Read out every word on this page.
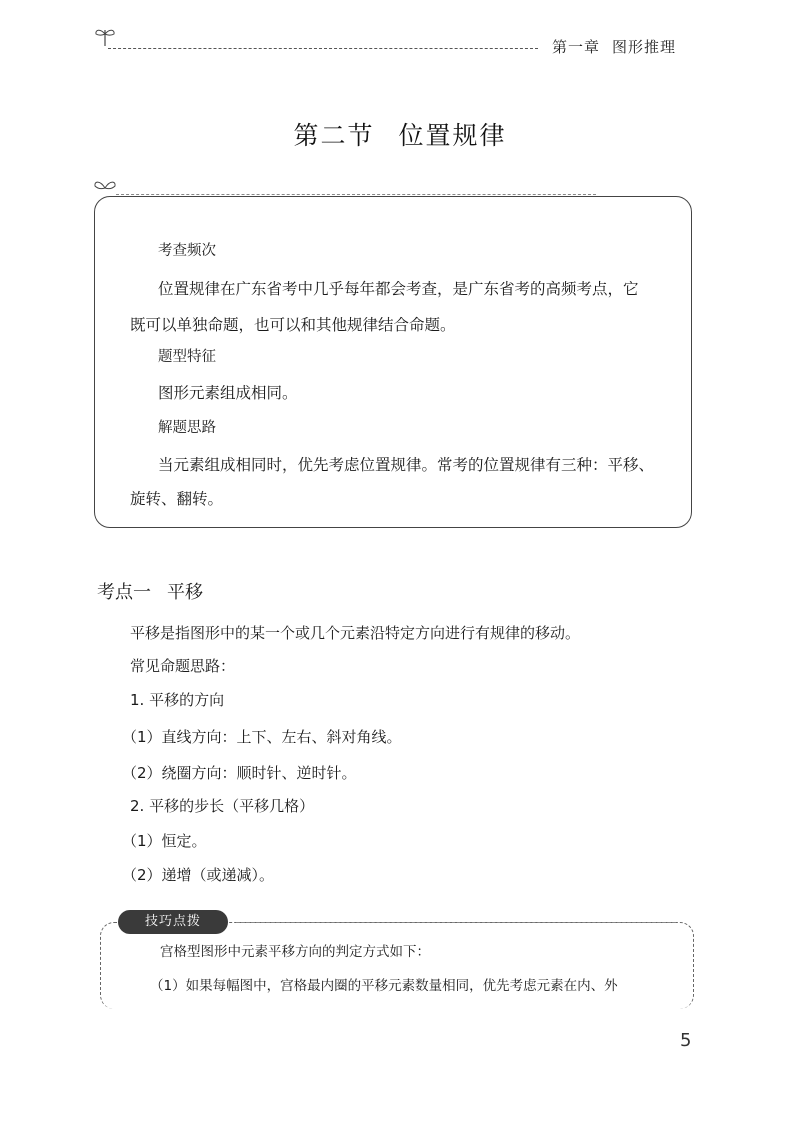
第一章 图形推理
第二节 位置规律
考查频次
位置规律在广东省考中几乎每年都会考查，是广东省考的高频考点，它
既可以单独命题，也可以和其他规律结合命题。
题型特征
图形元素组成相同。
解题思路
当元素组成相同时，优先考虑位置规律。常考的位置规律有三种：平移、
旋转、翻转。
考点一 平移
平移是指图形中的某一个或几个元素沿特定方向进行有规律的移动。
常见命题思路：
1. 平移的方向
（1）直线方向：上下、左右、斜对角线。
（2）绕圈方向：顺时针、逆时针。
2. 平移的步长（平移几格）
（1）恒定。
（2）递增（或递减）。
技巧点拨
宫格型图形中元素平移方向的判定方式如下：
（1）如果每幅图中，宫格最内圈的平移元素数量相同，优先考虑元素在内、外
5
